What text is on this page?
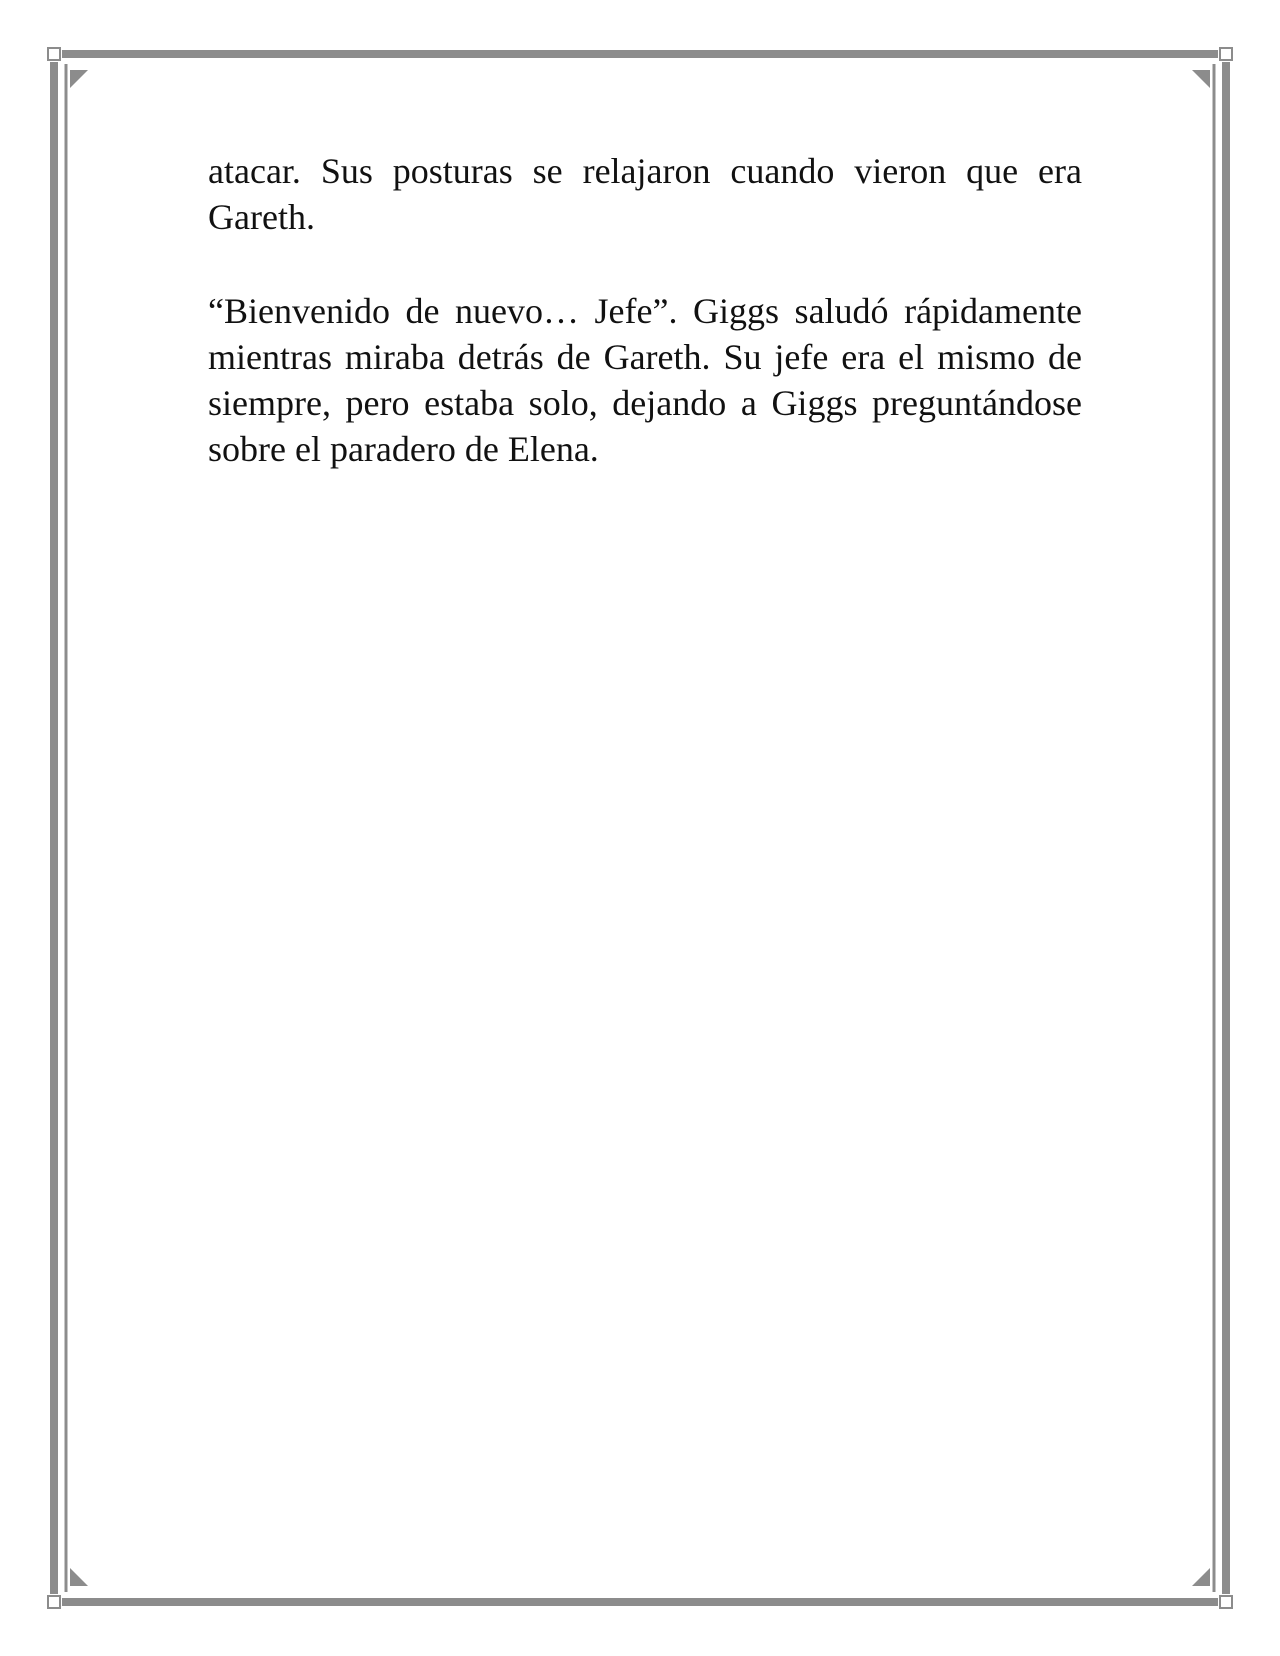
atacar. Sus posturas se relajaron cuando vieron que era Gareth.

“Bienvenido de nuevo… Jefe”. Giggs saludó rápidamente mientras miraba detrás de Gareth. Su jefe era el mismo de siempre, pero estaba solo, dejando a Giggs preguntándose sobre el paradero de Elena.
